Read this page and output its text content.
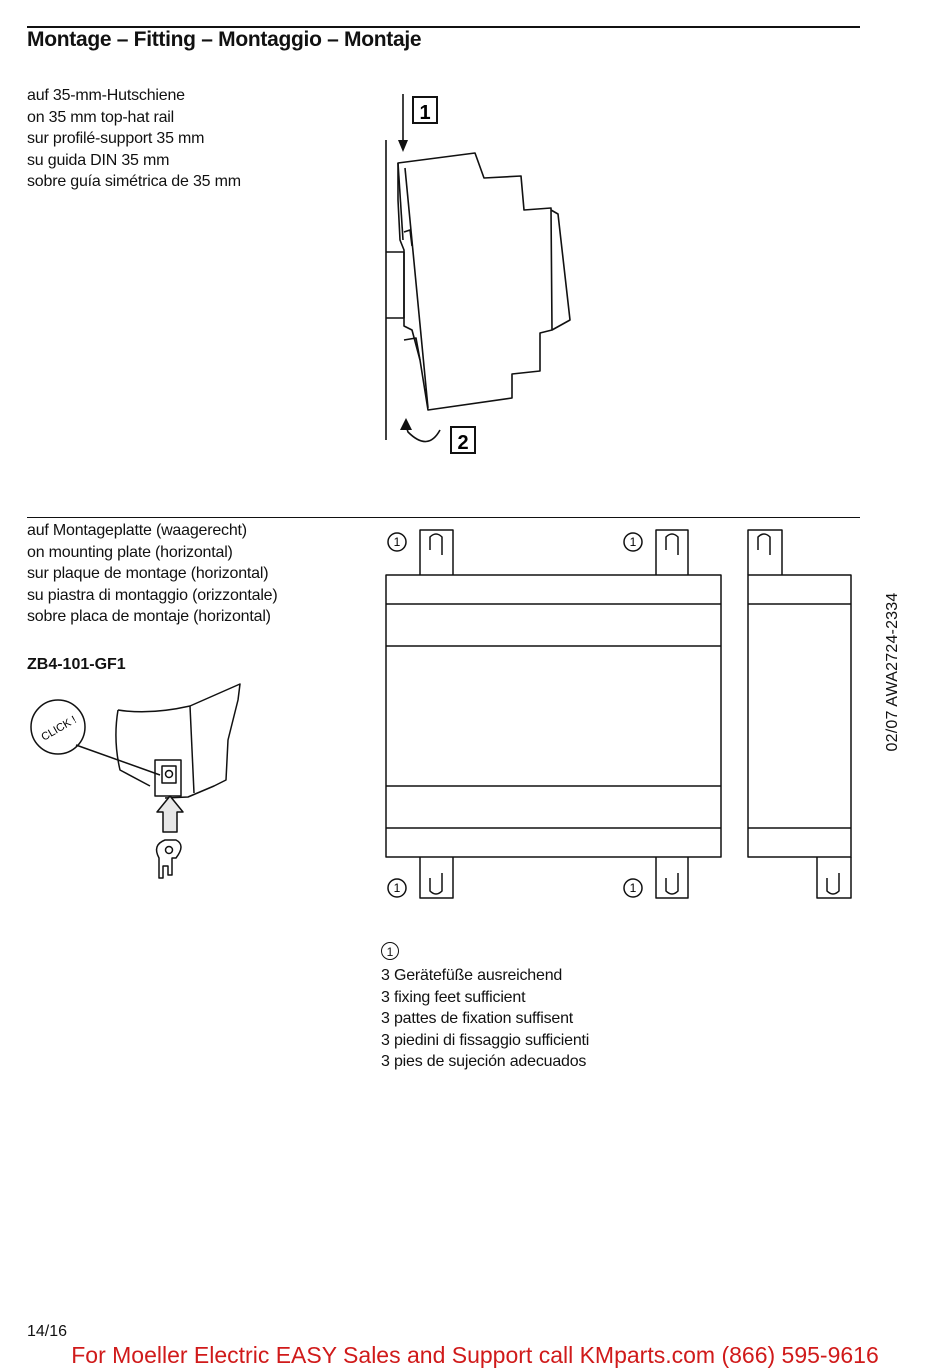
Montage – Fitting – Montaggio – Montaje
auf 35-mm-Hutschiene
on 35 mm top-hat rail
sur profilé-support 35 mm
su guida DIN 35 mm
sobre guía simétrica de 35 mm
1
2
auf Montageplatte (waagerecht)
on mounting plate (horizontal)
sur plaque de montage (horizontal)
su piastra di montaggio (orizzontale)
sobre placa de montaje (horizontal)
ZB4-101-GF1
CLICK !
1	1
1	1
02/07 AWA2724-2334
1
3 Gerätefüße ausreichend
3 fixing feet sufficient
3 pattes de fixation suffisent
3 piedini di fissaggio sufficienti
3 pies de sujeción adecuados
14/16
For Moeller Electric EASY Sales and Support call KMparts.com (866) 595-9616
